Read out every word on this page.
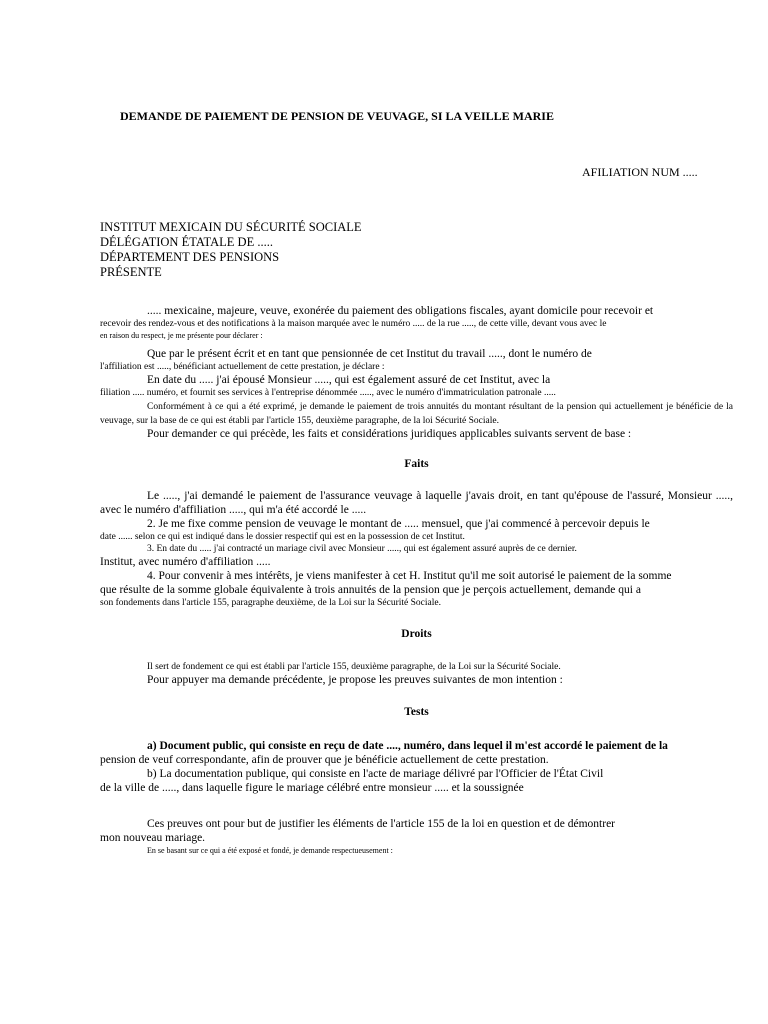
DEMANDE DE PAIEMENT DE PENSION DE VEUVAGE, SI LA VEILLE MARIE
AFILIATION NUM .....
INSTITUT MEXICAIN DU SÉCURITÉ SOCIALE
DÉLÉGATION ÉTATALE DE .....
DÉPARTEMENT DES PENSIONS
PRÉSENTE

..... mexicaine, majeure, veuve, exonérée du paiement des obligations fiscales, ayant domicile pour recevoir et

recevoir des rendez-vous et des notifications à la maison marquée avec le numéro ..... de la rue ....., de cette ville, devant vous avec le

en raison du respect, je me présente pour déclarer :

Que par le présent écrit et en tant que pensionnée de cet Institut du travail ....., dont le numéro de

l'affiliation est ....., bénéficiant actuellement de cette prestation, je déclare :

En date du ..... j'ai épousé Monsieur ....., qui est également assuré de cet Institut, avec la

filiation ..... numéro, et fournit ses services à l'entreprise dénommée ....., avec le numéro d'immatriculation patronale .....

Conformément à ce qui a été exprimé, je demande le paiement de trois annuités du montant résultant de la pension qui actuellement je bénéficie de la veuvage, sur la base de ce qui est établi par l'article 155, deuxième paragraphe, de la loi Sécurité Sociale.

Pour demander ce qui précède, les faits et considérations juridiques applicables suivants servent de base :

Faits

Le ....., j'ai demandé le paiement de l'assurance veuvage à laquelle j'avais droit, en tant qu'épouse de l'assuré, Monsieur ....., avec le numéro d'affiliation ....., qui m'a été accordé le .....

2. Je me fixe comme pension de veuvage le montant de ..... mensuel, que j'ai commencé à percevoir depuis le

date ...... selon ce qui est indiqué dans le dossier respectif qui est en la possession de cet Institut.

3. En date du ..... j'ai contracté un mariage civil avec Monsieur ....., qui est également assuré auprès de ce dernier.

Institut, avec numéro d'affiliation .....

4. Pour convenir à mes intérêts, je viens manifester à cet H. Institut qu'il me soit autorisé le paiement de la somme

que résulte de la somme globale équivalente à trois annuités de la pension que je perçois actuellement, demande qui a

son fondements dans l'article 155, paragraphe deuxième, de la Loi sur la Sécurité Sociale.

Droits

Il sert de fondement ce qui est établi par l'article 155, deuxième paragraphe, de la Loi sur la Sécurité Sociale.

Pour appuyer ma demande précédente, je propose les preuves suivantes de mon intention :

Tests

a) Document public, qui consiste en reçu de date ...., numéro, dans lequel il m'est accordé le paiement de la

pension de veuf correspondante, afin de prouver que je bénéficie actuellement de cette prestation.

b) La documentation publique, qui consiste en l'acte de mariage délivré par l'Officier de l'État Civil

de la ville de ....., dans laquelle figure le mariage célébré entre monsieur ..... et la soussignée

Ces preuves ont pour but de justifier les éléments de l'article 155 de la loi en question et de démontrer

mon nouveau mariage.

En se basant sur ce qui a été exposé et fondé, je demande respectueusement :
